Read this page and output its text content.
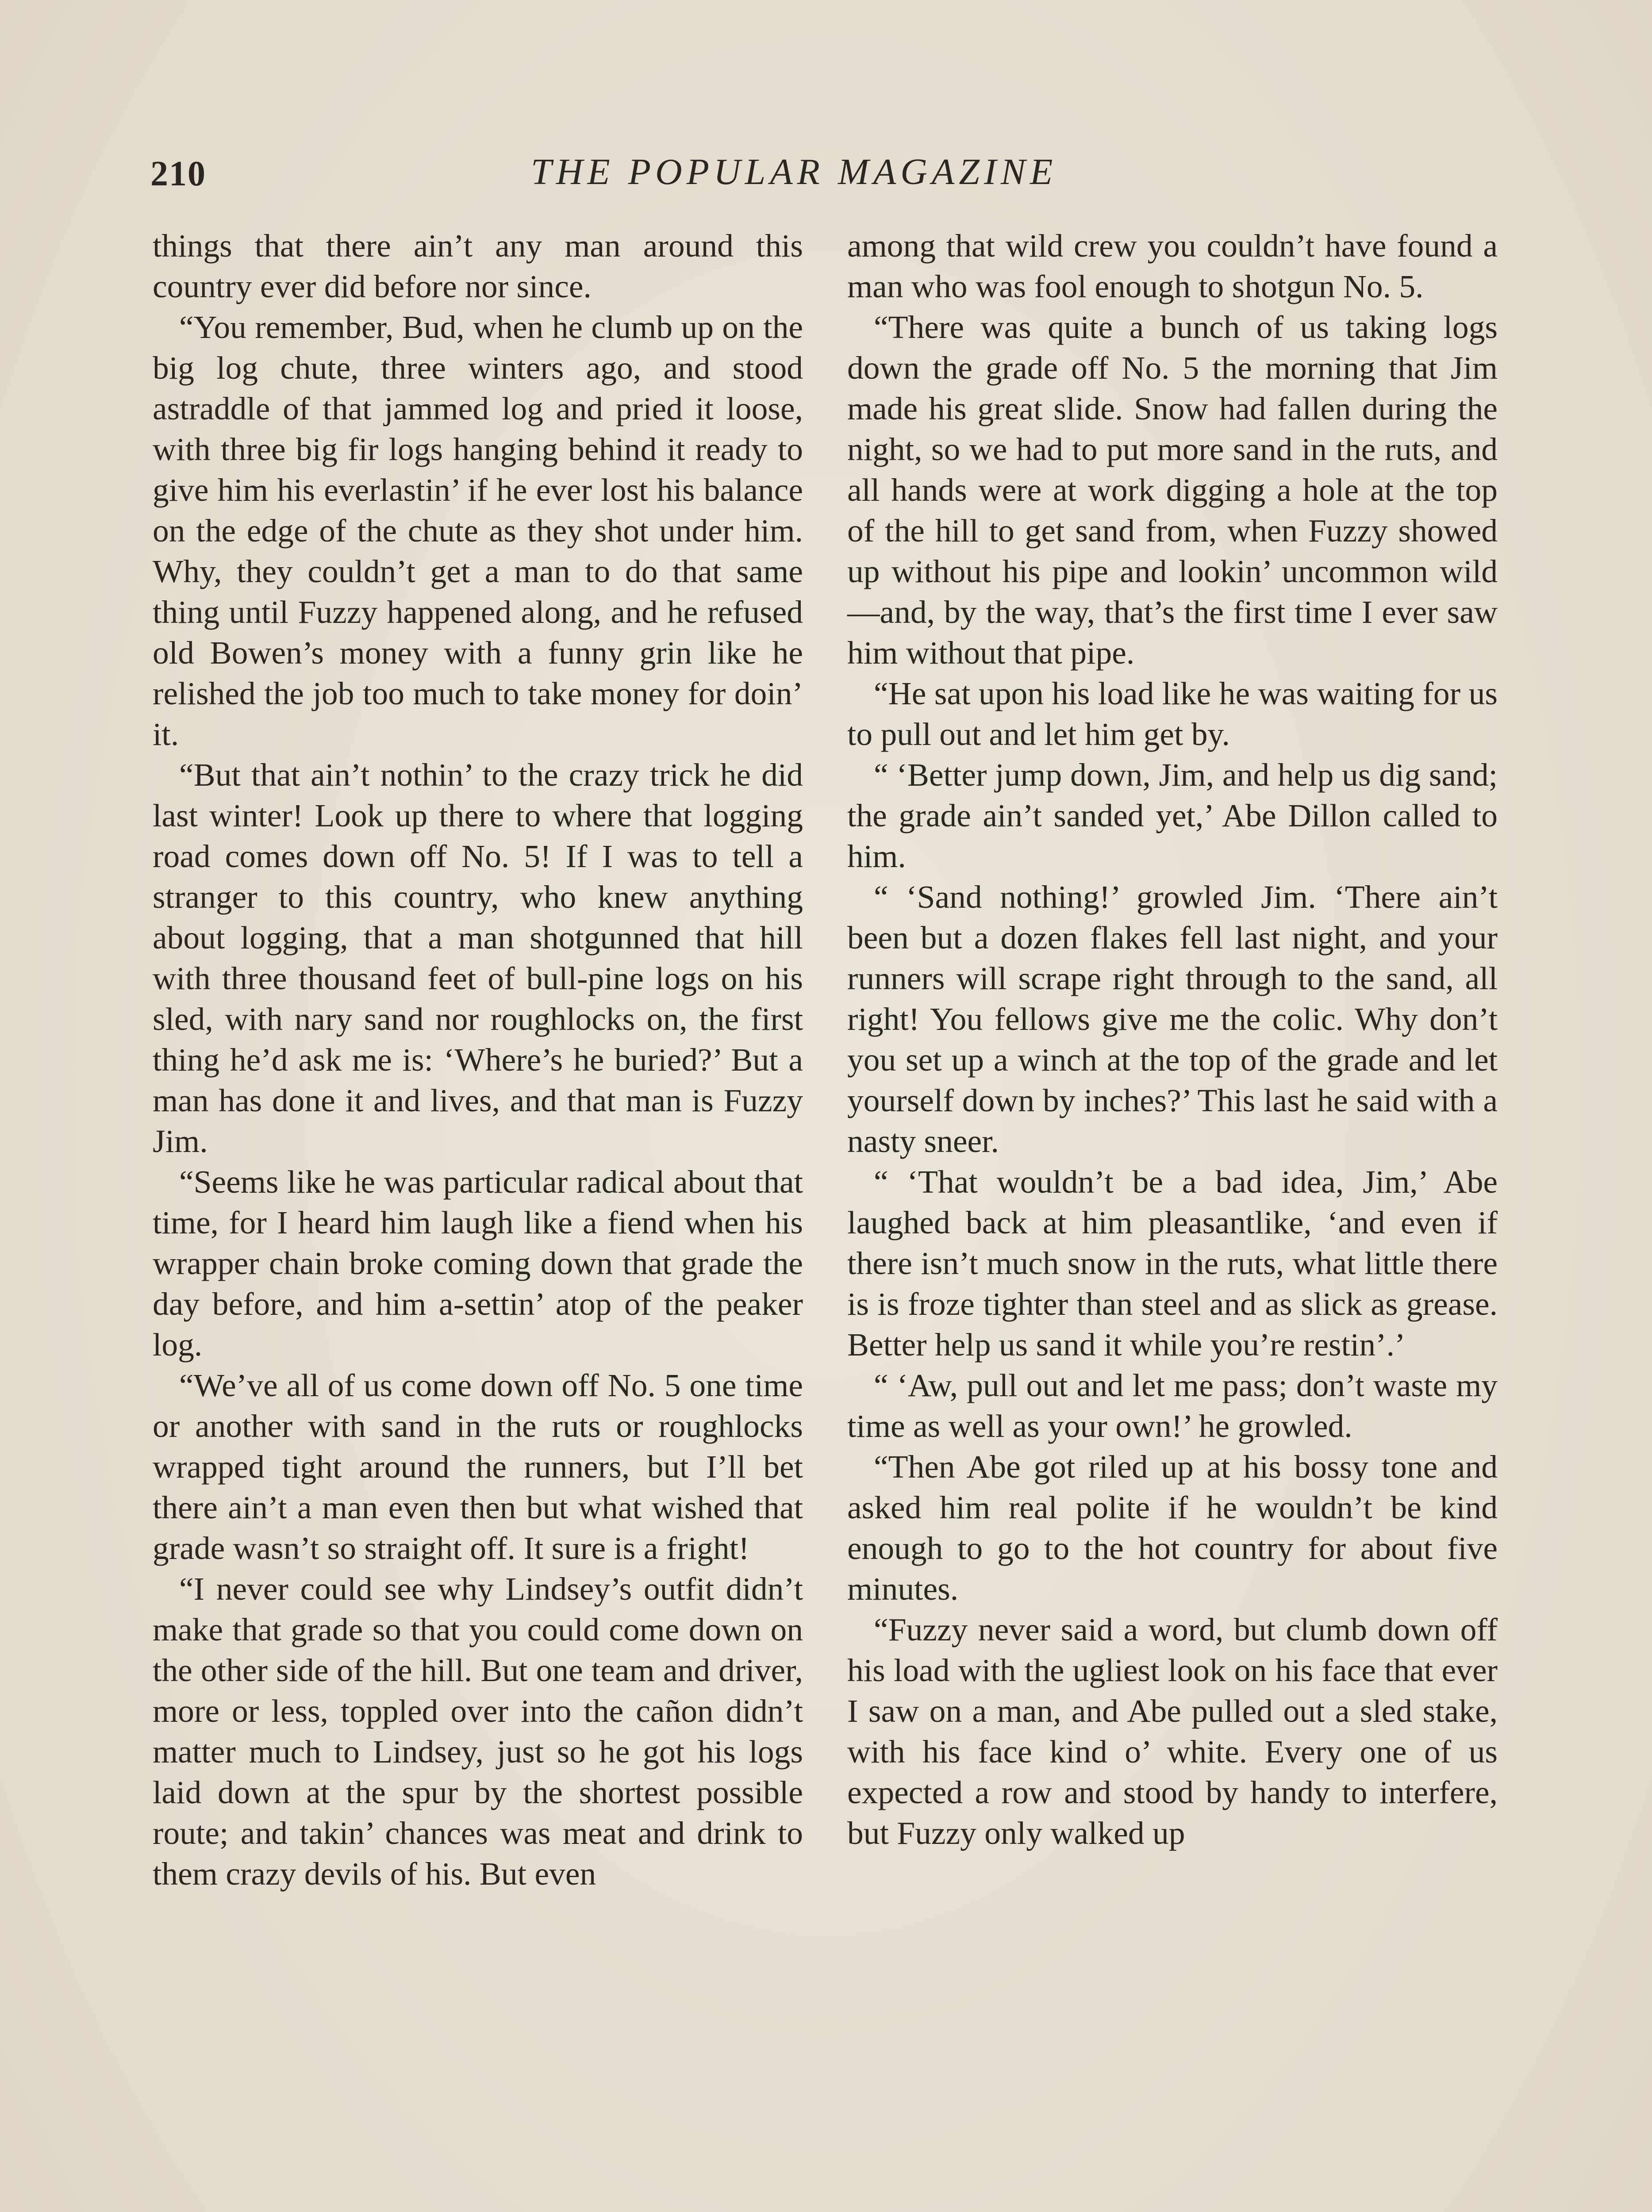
210	THE POPULAR MAGAZINE

things that there ain’t any man around this country ever did before nor since.

“You remember, Bud, when he clumb up on the big log chute, three winters ago, and stood astraddle of that jammed log and pried it loose, with three big fir logs hanging behind it ready to give him his everlastin’ if he ever lost his balance on the edge of the chute as they shot under him. Why, they couldn’t get a man to do that same thing until Fuzzy happened along, and he refused old Bowen’s money with a funny grin like he relished the job too much to take money for doin’ it.

“But that ain’t nothin’ to the crazy trick he did last winter! Look up there to where that logging road comes down off No. 5! If I was to tell a stranger to this country, who knew anything about logging, that a man shotgunned that hill with three thousand feet of bull-pine logs on his sled, with nary sand nor roughlocks on, the first thing he’d ask me is: ‘Where’s he buried?’ But a man has done it and lives, and that man is Fuzzy Jim.

“Seems like he was particular radical about that time, for I heard him laugh like a fiend when his wrapper chain broke coming down that grade the day before, and him a-settin’ atop of the peaker log.

“We’ve all of us come down off No. 5 one time or another with sand in the ruts or roughlocks wrapped tight around the runners, but I’ll bet there ain’t a man even then but what wished that grade wasn’t so straight off. It sure is a fright!

“I never could see why Lindsey’s outfit didn’t make that grade so that you could come down on the other side of the hill. But one team and driver, more or less, toppled over into the cañon didn’t matter much to Lindsey, just so he got his logs laid down at the spur by the shortest possible route; and takin’ chances was meat and drink to them crazy devils of his. But even

among that wild crew you couldn’t have found a man who was fool enough to shotgun No. 5.

“There was quite a bunch of us taking logs down the grade off No. 5 the morning that Jim made his great slide. Snow had fallen during the night, so we had to put more sand in the ruts, and all hands were at work digging a hole at the top of the hill to get sand from, when Fuzzy showed up without his pipe and lookin’ uncommon wild—and, by the way, that’s the first time I ever saw him without that pipe.

“He sat upon his load like he was waiting for us to pull out and let him get by.

“ ‘Better jump down, Jim, and help us dig sand; the grade ain’t sanded yet,’ Abe Dillon called to him.

“ ‘Sand nothing!’ growled Jim. ‘There ain’t been but a dozen flakes fell last night, and your runners will scrape right through to the sand, all right! You fellows give me the colic. Why don’t you set up a winch at the top of the grade and let yourself down by inches?’ This last he said with a nasty sneer.

“ ‘That wouldn’t be a bad idea, Jim,’ Abe laughed back at him pleasantlike, ‘and even if there isn’t much snow in the ruts, what little there is is froze tighter than steel and as slick as grease. Better help us sand it while you’re restin’.’

“ ‘Aw, pull out and let me pass; don’t waste my time as well as your own!’ he growled.

“Then Abe got riled up at his bossy tone and asked him real polite if he wouldn’t be kind enough to go to the hot country for about five minutes.

“Fuzzy never said a word, but clumb down off his load with the ugliest look on his face that ever I saw on a man, and Abe pulled out a sled stake, with his face kind o’ white. Every one of us expected a row and stood by handy to interfere, but Fuzzy only walked up
